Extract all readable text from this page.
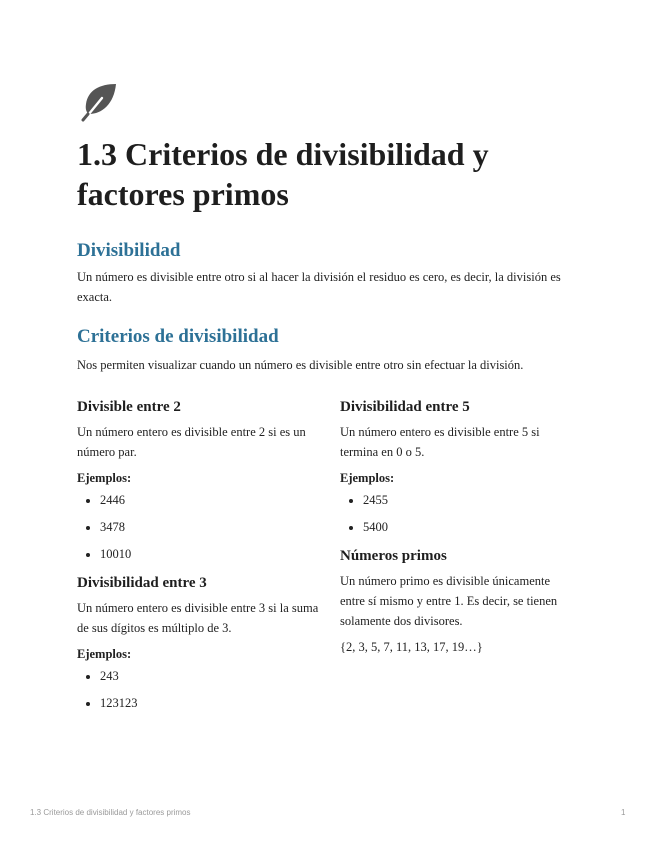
1.3 Criterios de divisibilidad y factores primos
Divisibilidad

Un número es divisible entre otro si al hacer la división el residuo es cero, es decir, la división es exacta.

Criterios de divisibilidad

Nos permiten visualizar cuando un número es divisible entre otro sin efectuar la división.

Divisible entre 2

Un número entero es divisible entre 2 si es un número par.

Ejemplos:

• 2446
• 3478
• 10010
Divisibilidad entre 3

Un número entero es divisible entre 3 si la suma de sus dígitos es múltiplo de 3.

Ejemplos:

• 243
• 123123
Divisibilidad entre 5

Un número entero es divisible entre 5 si termina en 0 o 5.

Ejemplos:

• 2455
• 5400
Números primos

Un número primo es divisible únicamente entre sí mismo y entre 1. Es decir, se tienen solamente dos divisores.

{2, 3, 5, 7, 11, 13, 17, 19…}

1.3 Criterios de divisibilidad y factores primos	1
